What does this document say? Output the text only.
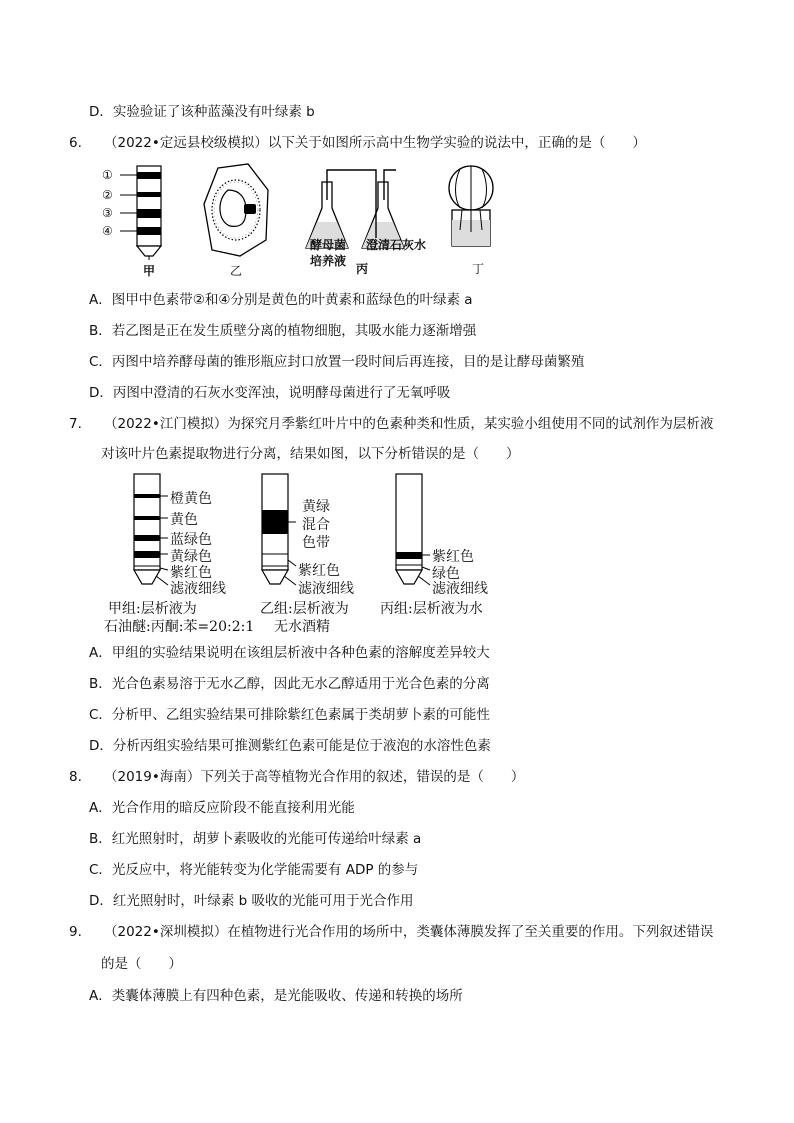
D．实验验证了该种蓝藻没有叶绿素 b
6. （2022•定远县校级模拟）以下关于如图所示高中生物学实验的说法中，正确的是（　　）
①
②
③
④
甲	乙
酵母菌
培养液
澄清石灰水
丙	丁
A．图甲中色素带②和④分别是黄色的叶黄素和蓝绿色的叶绿素 a
B．若乙图是正在发生质壁分离的植物细胞，其吸水能力逐渐增强
C．丙图中培养酵母菌的锥形瓶应封口放置一段时间后再连接，目的是让酵母菌繁殖
D．丙图中澄清的石灰水变浑浊，说明酵母菌进行了无氧呼吸
7. （2022•江门模拟）为探究月季紫红叶片中的色素种类和性质，某实验小组使用不同的试剂作为层析液
对该叶片色素提取物进行分离，结果如图，以下分析错误的是（　　）
橙黄色
黄色
蓝绿色
黄绿色
紫红色
滤液细线
甲组:层析液为
石油醚:丙酮:苯=20:2:1
黄绿
混合
色带
紫红色
滤液细线
乙组:层析液为
无水酒精
紫红色
绿色
滤液细线
丙组:层析液为水
A．甲组的实验结果说明在该组层析液中各种色素的溶解度差异较大
B．光合色素易溶于无水乙醇，因此无水乙醇适用于光合色素的分离
C．分析甲、乙组实验结果可排除紫红色素属于类胡萝卜素的可能性
D．分析丙组实验结果可推测紫红色素可能是位于液泡的水溶性色素
8. （2019•海南）下列关于高等植物光合作用的叙述，错误的是（　　）
A．光合作用的暗反应阶段不能直接利用光能
B．红光照射时，胡萝卜素吸收的光能可传递给叶绿素 a
C．光反应中，将光能转变为化学能需要有 ADP 的参与
D．红光照射时，叶绿素 b 吸收的光能可用于光合作用
9. （2022•深圳模拟）在植物进行光合作用的场所中，类囊体薄膜发挥了至关重要的作用。下列叙述错误
的是（　　）
A．类囊体薄膜上有四种色素，是光能吸收、传递和转换的场所
